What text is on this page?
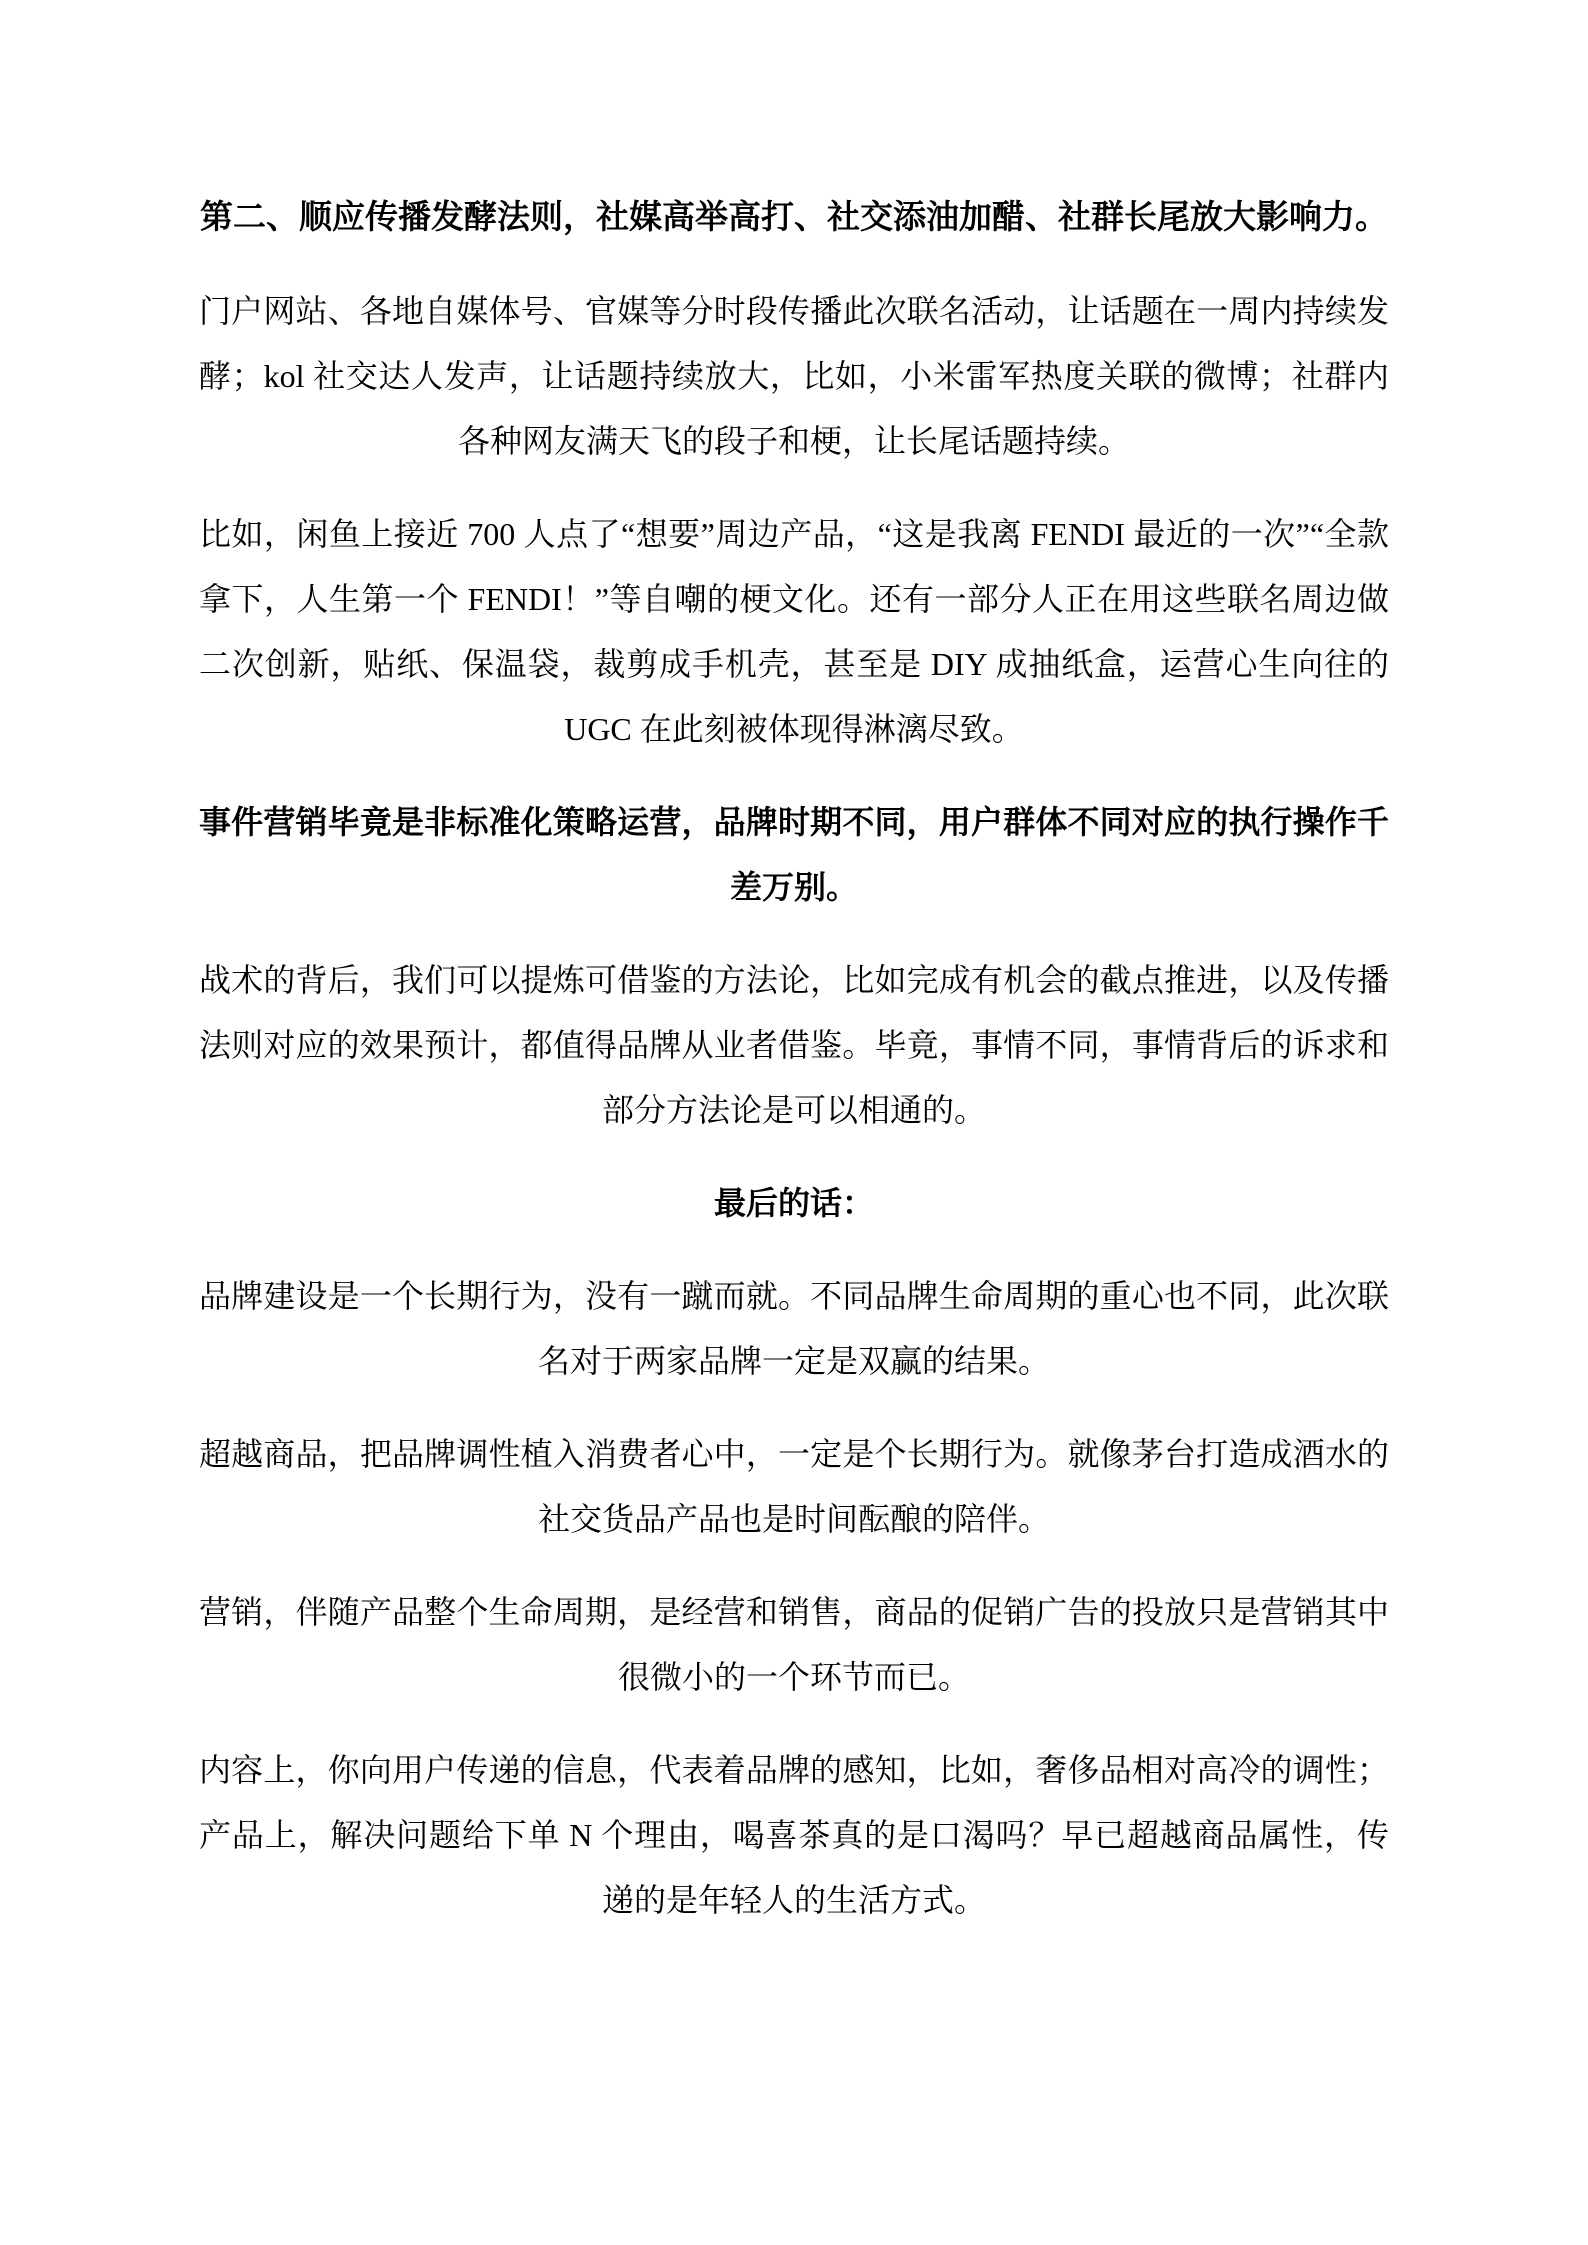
第二、顺应传播发酵法则，社媒高举高打、社交添油加醋、社群长尾放大影响力。
门户网站、各地自媒体号、官媒等分时段传播此次联名活动，让话题在一周内持续发酵；kol 社交达人发声，让话题持续放大，比如，小米雷军热度关联的微博；社群内各种网友满天飞的段子和梗，让长尾话题持续。
比如，闲鱼上接近 700 人点了“想要”周边产品，“这是我离 FENDI 最近的一次”“全款拿下，人生第一个 FENDI！”等自嘲的梗文化。还有一部分人正在用这些联名周边做二次创新，贴纸、保温袋，裁剪成手机壳，甚至是 DIY 成抽纸盒，运营心生向往的 UGC 在此刻被体现得淋漓尽致。
事件营销毕竟是非标准化策略运营，品牌时期不同，用户群体不同对应的执行操作千差万别。
战术的背后，我们可以提炼可借鉴的方法论，比如完成有机会的截点推进，以及传播法则对应的效果预计，都值得品牌从业者借鉴。毕竟，事情不同，事情背后的诉求和部分方法论是可以相通的。
最后的话：
品牌建设是一个长期行为，没有一蹴而就。不同品牌生命周期的重心也不同，此次联名对于两家品牌一定是双赢的结果。
超越商品，把品牌调性植入消费者心中，一定是个长期行为。就像茅台打造成酒水的社交货品产品也是时间酝酿的陪伴。
营销，伴随产品整个生命周期，是经营和销售，商品的促销广告的投放只是营销其中很微小的一个环节而已。
内容上，你向用户传递的信息，代表着品牌的感知，比如，奢侈品相对高冷的调性；产品上，解决问题给下单 N 个理由，喝喜茶真的是口渴吗？早已超越商品属性，传递的是年轻人的生活方式。
